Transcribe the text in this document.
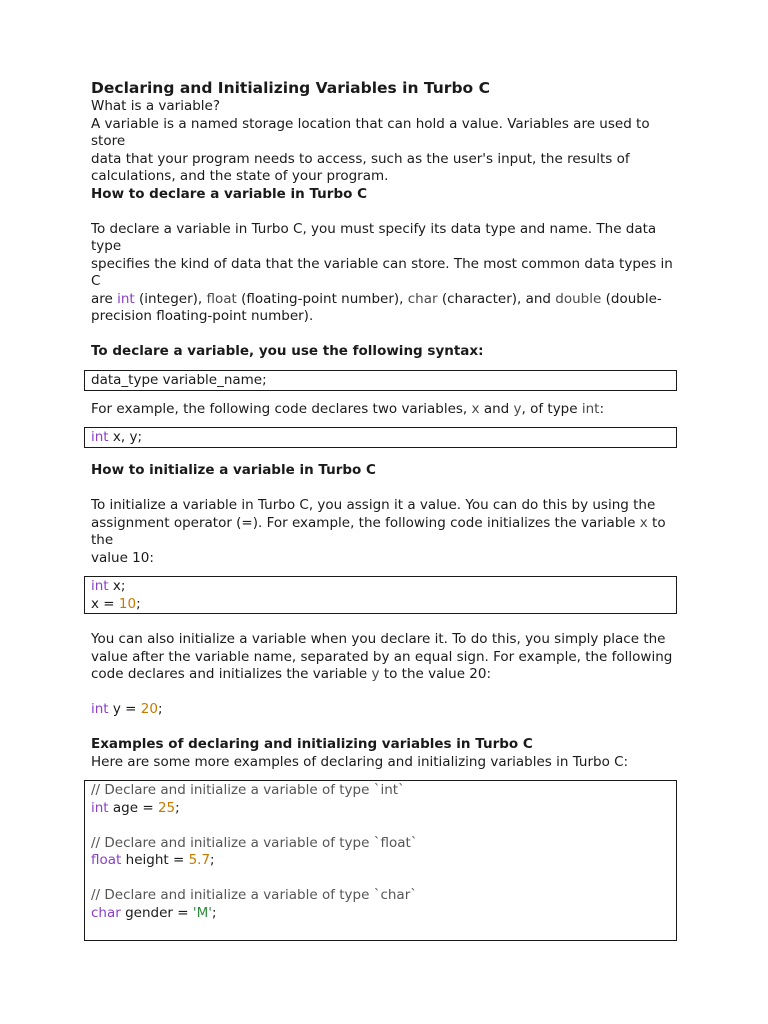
Declaring and Initializing Variables in Turbo C

What is a variable?

A variable is a named storage location that can hold a value. Variables are used to store

data that your program needs to access, such as the user's input, the results of

calculations, and the state of your program.

How to declare a variable in Turbo C

To declare a variable in Turbo C, you must specify its data type and name. The data type

specifies the kind of data that the variable can store. The most common data types in C

are int (integer), float (floating-point number), char (character), and double (double-

precision floating-point number).

To declare a variable, you use the following syntax:

data_type variable_name;

For example, the following code declares two variables, x and y, of type int:

int x, y;

How to initialize a variable in Turbo C

To initialize a variable in Turbo C, you assign it a value. You can do this by using the

assignment operator (=). For example, the following code initializes the variable x to the

value 10:

int x;
x = 10;

You can also initialize a variable when you declare it. To do this, you simply place the

value after the variable name, separated by an equal sign. For example, the following

code declares and initializes the variable y to the value 20:

int y = 20;

Examples of declaring and initializing variables in Turbo C

Here are some more examples of declaring and initializing variables in Turbo C:

// Declare and initialize a variable of type `int`
int age = 25;
// Declare and initialize a variable of type `float`
float height = 5.7;
// Declare and initialize a variable of type `char`
char gender = 'M';
